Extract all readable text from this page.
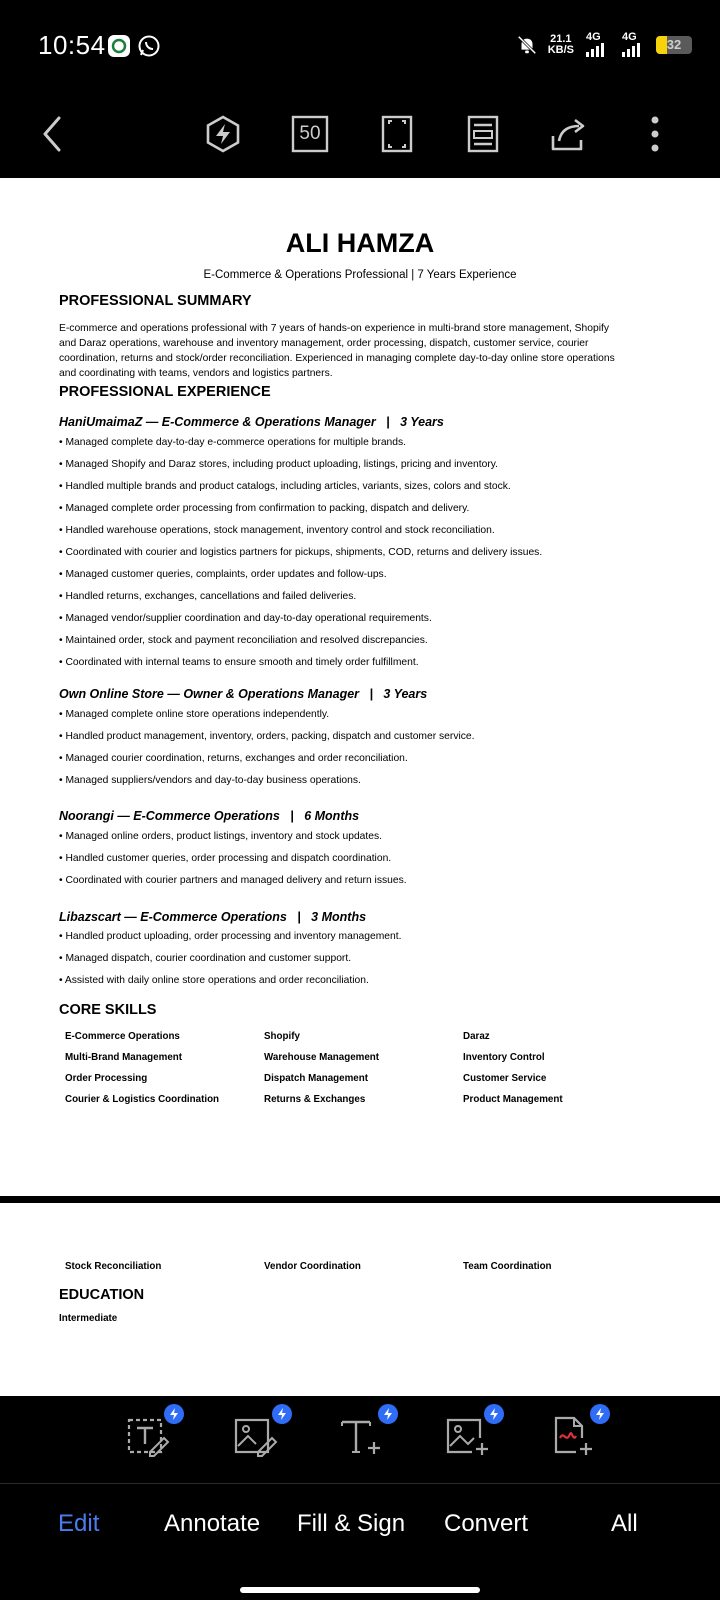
10:54	21.1
KB/S
4G 4G	32
50
ALI HAMZA
E-Commerce & Operations Professional | 7 Years Experience
PROFESSIONAL SUMMARY
E-commerce and operations professional with 7 years of hands-on experience in multi-brand store management, Shopify
and Daraz operations, warehouse and inventory management, order processing, dispatch, customer service, courier
coordination, returns and stock/order reconciliation. Experienced in managing complete day-to-day online store operations
and coordinating with teams, vendors and logistics partners.
PROFESSIONAL EXPERIENCE
HaniUmaimaZ — E-Commerce & Operations Manager   |   3 Years
• Managed complete day-to-day e-commerce operations for multiple brands.
• Managed Shopify and Daraz stores, including product uploading, listings, pricing and inventory.
• Handled multiple brands and product catalogs, including articles, variants, sizes, colors and stock.
• Managed complete order processing from confirmation to packing, dispatch and delivery.
• Handled warehouse operations, stock management, inventory control and stock reconciliation.
• Coordinated with courier and logistics partners for pickups, shipments, COD, returns and delivery issues.
• Managed customer queries, complaints, order updates and follow-ups.
• Handled returns, exchanges, cancellations and failed deliveries.
• Managed vendor/supplier coordination and day-to-day operational requirements.
• Maintained order, stock and payment reconciliation and resolved discrepancies.
• Coordinated with internal teams to ensure smooth and timely order fulfillment.
Own Online Store — Owner & Operations Manager   |   3 Years
• Managed complete online store operations independently.
• Handled product management, inventory, orders, packing, dispatch and customer service.
• Managed courier coordination, returns, exchanges and order reconciliation.
• Managed suppliers/vendors and day-to-day business operations.
Noorangi — E-Commerce Operations   |   6 Months
• Managed online orders, product listings, inventory and stock updates.
• Handled customer queries, order processing and dispatch coordination.
• Coordinated with courier partners and managed delivery and return issues.
Libazscart — E-Commerce Operations   |   3 Months
• Handled product uploading, order processing and inventory management.
• Managed dispatch, courier coordination and customer support.
• Assisted with daily online store operations and order reconciliation.
CORE SKILLS
E-Commerce Operations	Shopify	Daraz
Multi-Brand Management	Warehouse Management	Inventory Control
Order Processing	Dispatch Management	Customer Service
Courier & Logistics Coordination	Returns & Exchanges	Product Management
Stock Reconciliation	Vendor Coordination	Team Coordination
EDUCATION
Intermediate
Edit	Annotate Fill & Sign Convert	All
